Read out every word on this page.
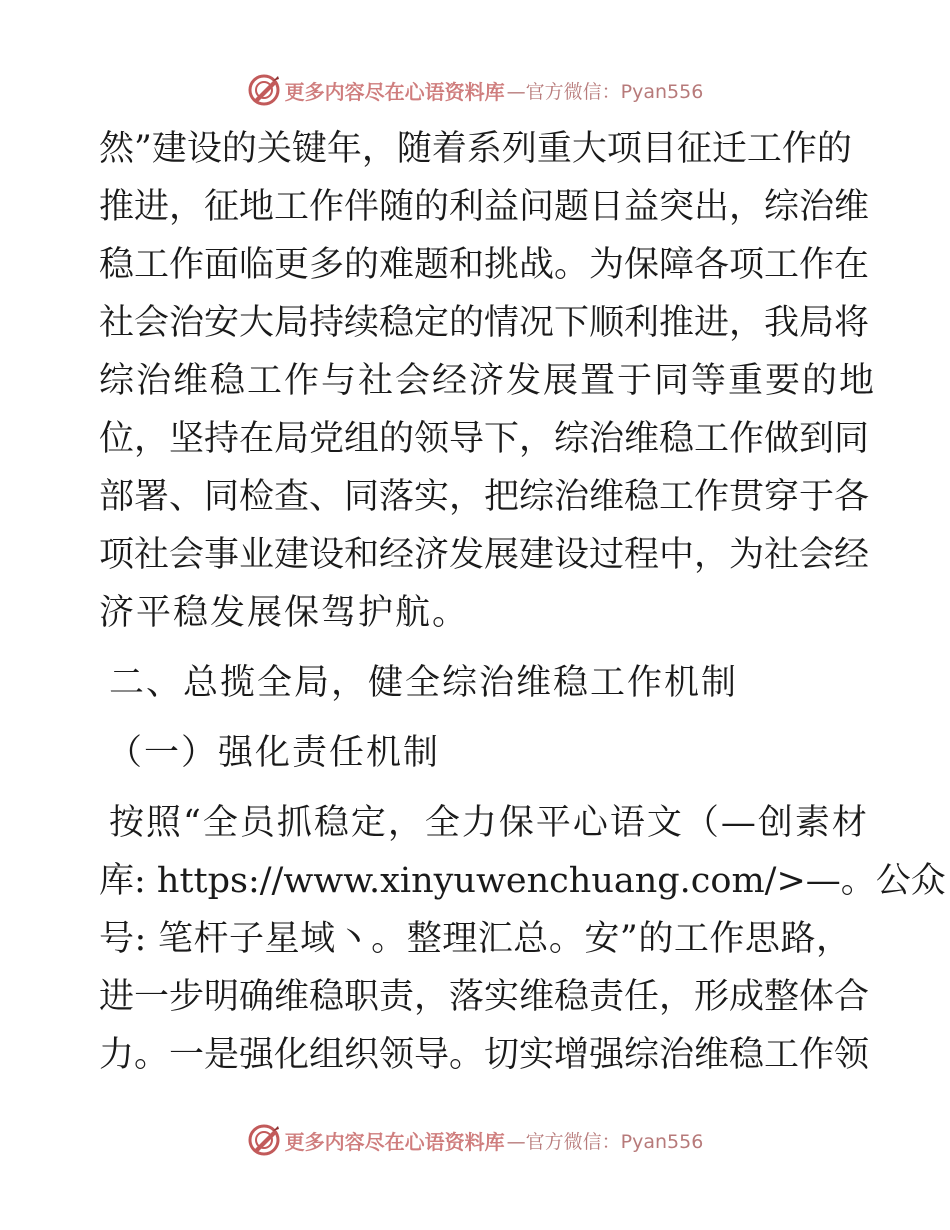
更多内容尽在心语资料库 —官方微信：Pyan556
然”建设的关键年，随着系列重大项目征迁工作的
推进，征地工作伴随的利益问题日益突出，综治维
稳工作面临更多的难题和挑战。为保障各项工作在
社会治安大局持续稳定的情况下顺利推进，我局将
综治维稳工作与社会经济发展置于同等重要的地
位，坚持在局党组的领导下，综治维稳工作做到同
部署、同检查、同落实，把综治维稳工作贯穿于各
项社会事业建设和经济发展建设过程中，为社会经
济平稳发展保驾护航。
二、总揽全局，健全综治维稳工作机制
（一）强化责任机制
按照“全员抓稳定，全力保平心语文（—创素材
库: https://www.xinyuwenchuang.com/>—。公众
号: 笔杆子星域丶。整理汇总。安”的工作思路，
进一步明确维稳职责，落实维稳责任，形成整体合
力。一是强化组织领导。切实增强综治维稳工作领
更多内容尽在心语资料库 —官方微信：Pyan556
